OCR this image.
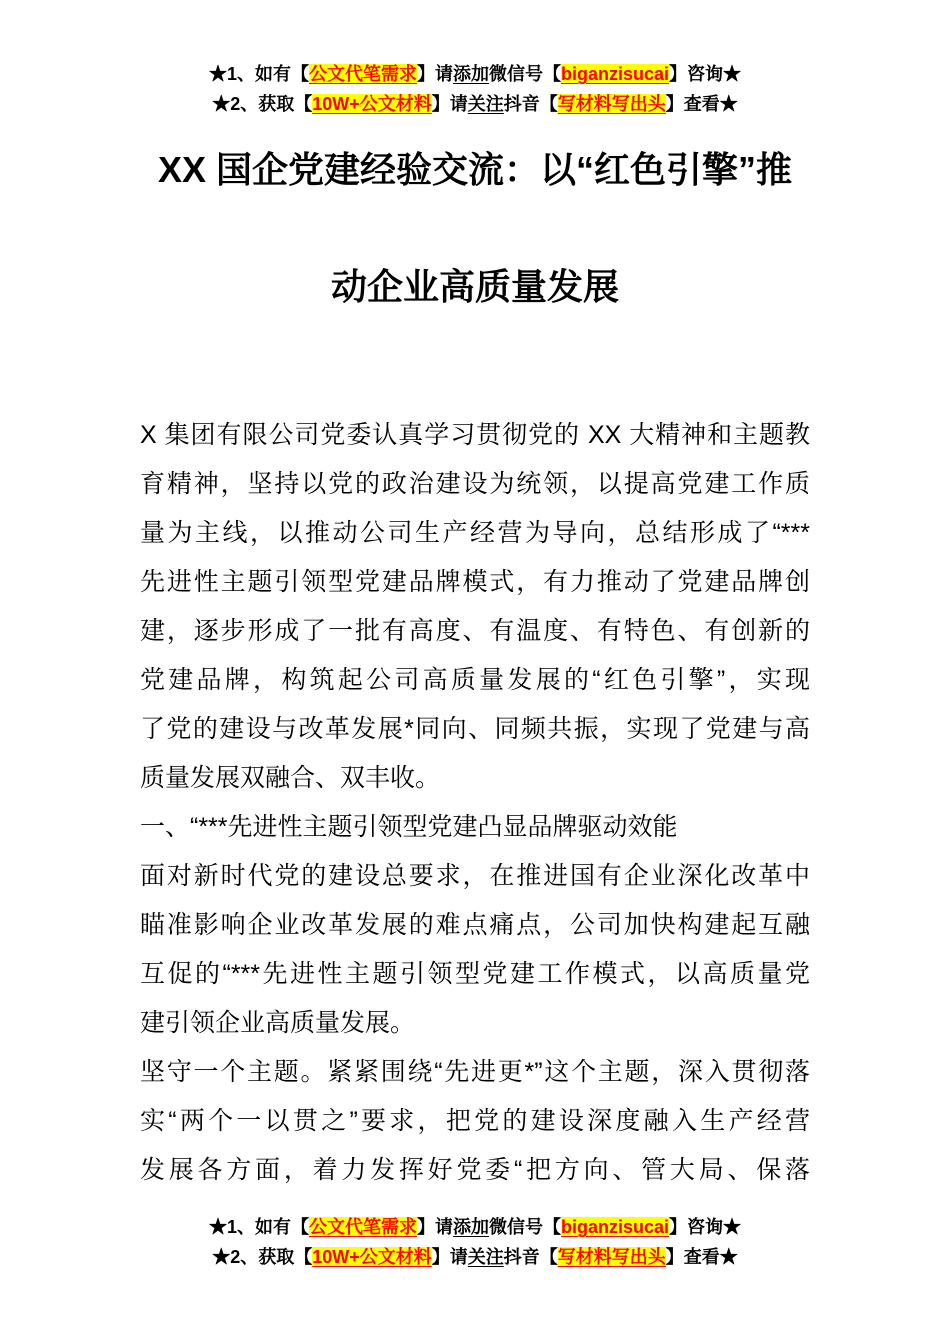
★1、如有【公文代笔需求】请添加微信号【biganzisucai】咨询★
★2、获取【10W+公文材料】请关注抖音【写材料写出头】查看★
XX 国企党建经验交流：以“红色引擎”推
动企业高质量发展
X 集团有限公司党委认真学习贯彻党的 XX 大精神和主题教
育精神，坚持以党的政治建设为统领，以提高党建工作质
量为主线，以推动公司生产经营为导向，总结形成了“***
先进性主题引领型党建品牌模式，有力推动了党建品牌创
建，逐步形成了一批有高度、有温度、有特色、有创新的
党建品牌，构筑起公司高质量发展的“红色引擎”，实现
了党的建设与改革发展*同向、同频共振，实现了党建与高
质量发展双融合、双丰收。
一、“***先进性主题引领型党建凸显品牌驱动效能
面对新时代党的建设总要求，在推进国有企业深化改革中
瞄准影响企业改革发展的难点痛点，公司加快构建起互融
互促的“***先进性主题引领型党建工作模式，以高质量党
建引领企业高质量发展。
坚守一个主题。紧紧围绕“先进更*”这个主题，深入贯彻落
实“两个一以贯之”要求，把党的建设深度融入生产经营
发展各方面，着力发挥好党委“把方向、管大局、保落
★1、如有【公文代笔需求】请添加微信号【biganzisucai】咨询★
★2、获取【10W+公文材料】请关注抖音【写材料写出头】查看★
